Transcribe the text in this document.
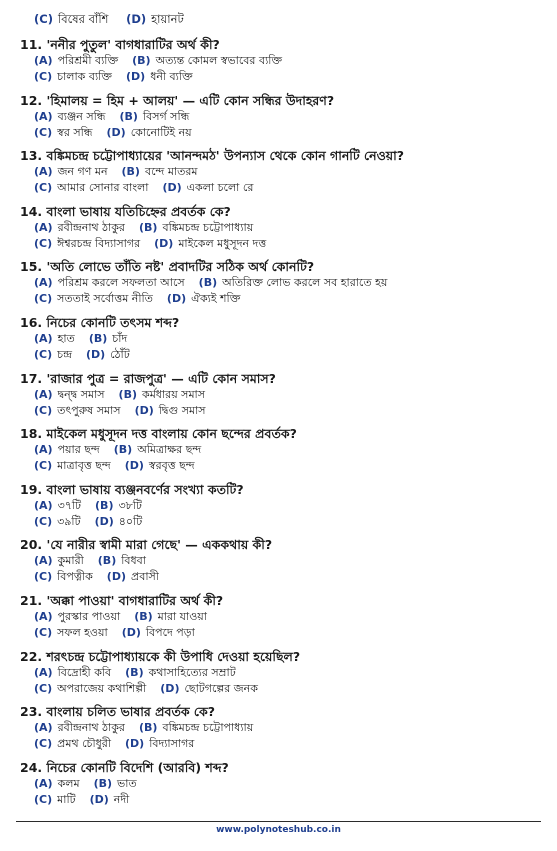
(C) বিষের বাঁশি (D) হায়ানট
11. 'ননীর পুতুল' বাগধারাটির অর্থ কী?
(A) পরিশ্রমী ব্যক্তি (B) অত্যন্ত কোমল স্বভাবের ব্যক্তি
(C) চালাক ব্যক্তি (D) ধনী ব্যক্তি
12. 'হিমালয় = হিম + আলয়' — এটি কোন সন্ধির উদাহরণ?
(A) ব্যঞ্জন সন্ধি (B) বিসর্গ সন্ধি
(C) স্বর সন্ধি (D) কোনোটিই নয়
13. বঙ্কিমচন্দ্র চট্টোপাধ্যায়ের 'আনন্দমঠ' উপন্যাস থেকে কোন গানটি নেওয়া?
(A) জন গণ মন (B) বন্দে মাতরম
(C) আমার সোনার বাংলা (D) একলা চলো রে
14. বাংলা ভাষায় যতিচিহ্নের প্রবর্তক কে?
(A) রবীন্দ্রনাথ ঠাকুর (B) বঙ্কিমচন্দ্র চট্টোপাধ্যায়
(C) ঈশ্বরচন্দ্র বিদ্যাসাগর (D) মাইকেল মধুসূদন দত্ত
15. 'অতি লোভে তাঁতি নষ্ট' প্রবাদটির সঠিক অর্থ কোনটি?
(A) পরিশ্রম করলে সফলতা আসে (B) অতিরিক্ত লোভ করলে সব হারাতে হয়
(C) সততাই সর্বোত্তম নীতি (D) ঐক্যই শক্তি
16. নিচের কোনটি তৎসম শব্দ?
(A) হাত (B) চাঁদ
(C) চন্দ্র (D) ঠোঁট
17. 'রাজার পুত্র = রাজপুত্র' — এটি কোন সমাস?
(A) দ্বন্দ্ব সমাস (B) কর্মধারয় সমাস
(C) তৎপুরুষ সমাস (D) দ্বিগু সমাস
18. মাইকেল মধুসূদন দত্ত বাংলায় কোন ছন্দের প্রবর্তক?
(A) পয়ার ছন্দ (B) অমিত্রাক্ষর ছন্দ
(C) মাত্রাবৃত্ত ছন্দ (D) স্বরবৃত্ত ছন্দ
19. বাংলা ভাষায় ব্যঞ্জনবর্ণের সংখ্যা কতটি?
(A) ৩৭টি (B) ৩৮টি
(C) ৩৯টি (D) ৪০টি
20. 'যে নারীর স্বামী মারা গেছে' — এককথায় কী?
(A) কুমারী (B) বিধবা
(C) বিপত্নীক (D) প্রবাসী
21. 'অক্কা পাওয়া' বাগধারাটির অর্থ কী?
(A) পুরস্কার পাওয়া (B) মারা যাওয়া
(C) সফল হওয়া (D) বিপদে পড়া
22. শরৎচন্দ্র চট্টোপাধ্যায়কে কী উপাধি দেওয়া হয়েছিল?
(A) বিদ্রোহী কবি (B) কথাসাহিত্যের সম্রাট
(C) অপরাজেয় কথাশিল্পী (D) ছোটগল্পের জনক
23. বাংলায় চলিত ভাষার প্রবর্তক কে?
(A) রবীন্দ্রনাথ ঠাকুর (B) বঙ্কিমচন্দ্র চট্টোপাধ্যায়
(C) প্রমথ চৌধুরী (D) বিদ্যাসাগর
24. নিচের কোনটি বিদেশি (আরবি) শব্দ?
(A) কলম (B) ভাত
(C) মাটি (D) নদী
www.polynoteshub.co.in
